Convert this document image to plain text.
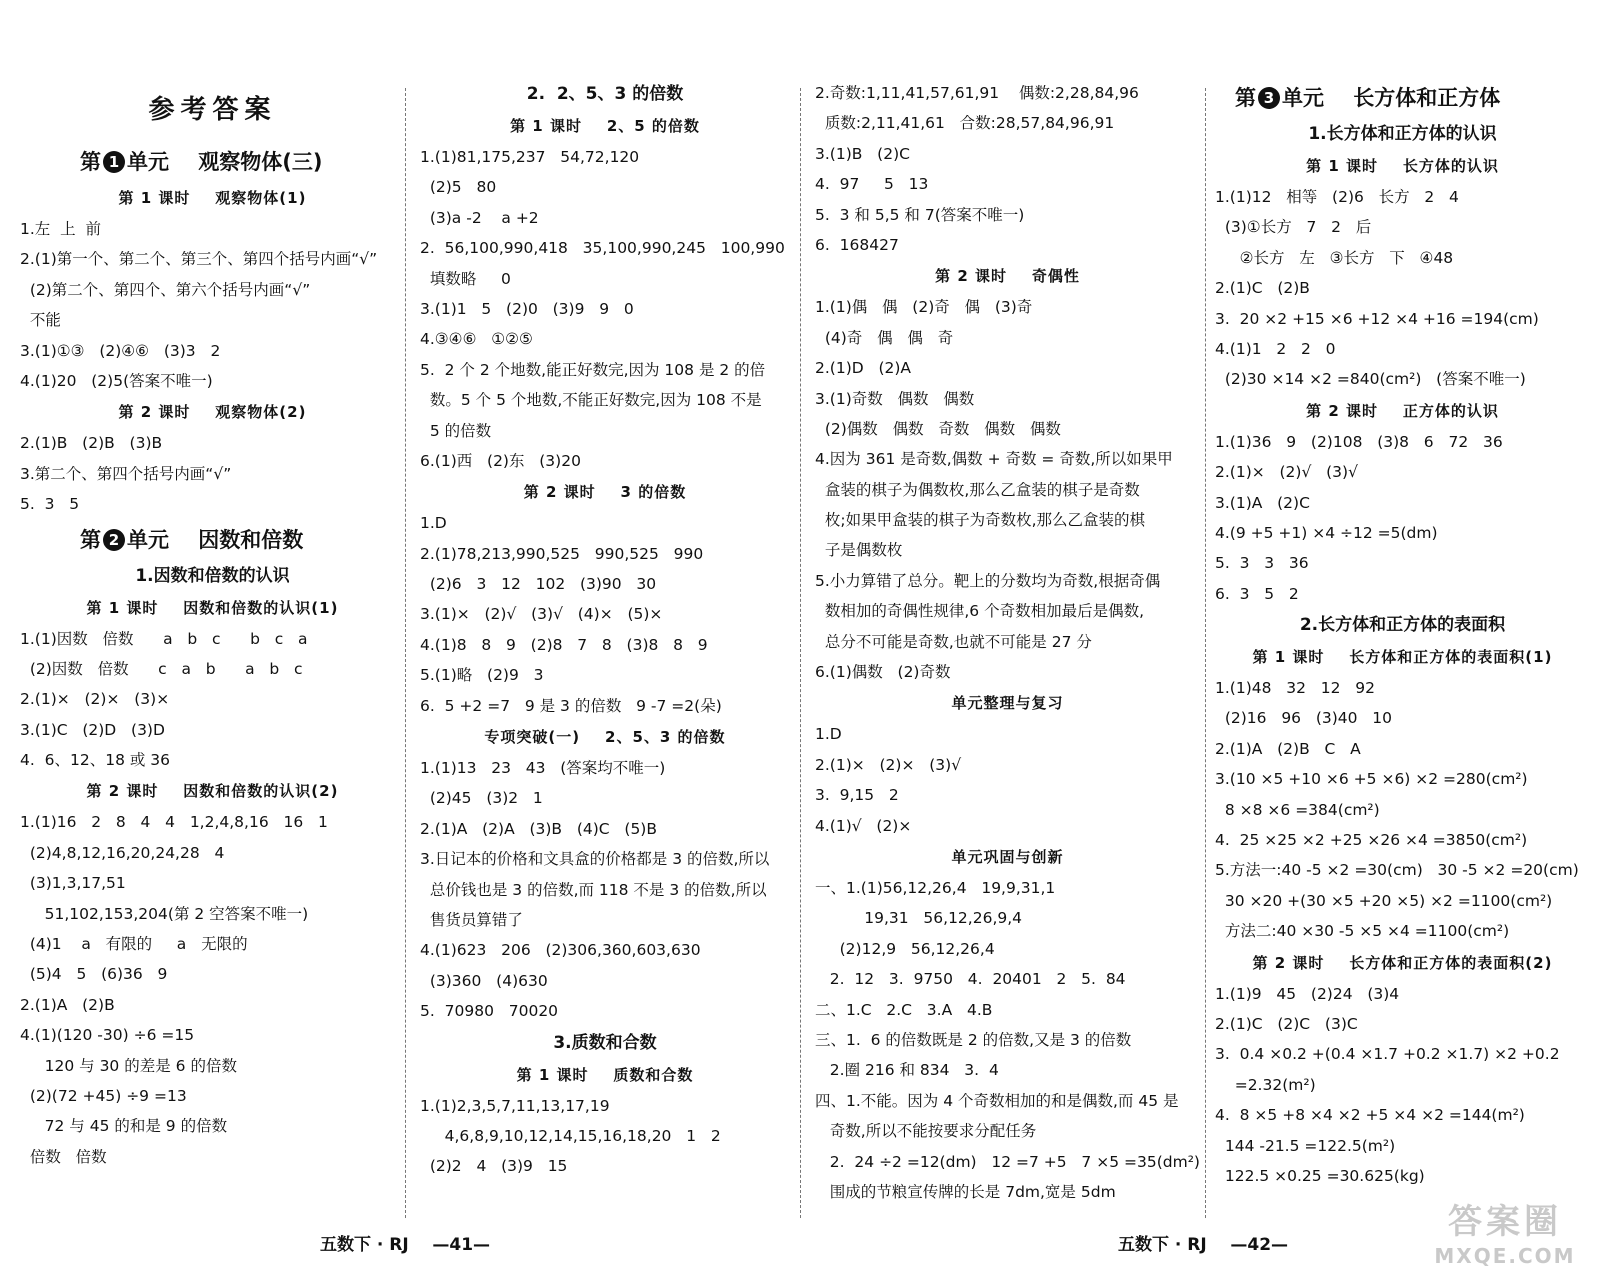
参考答案
第 1 单元    观察物体(三)
第 1 课时    观察物体(1)
1.左  上  前
2.(1)第一个、第二个、第三个、第四个括号内画“√”
(2)第二个、第四个、第六个括号内画“√”
不能
3.(1)①③   (2)④⑥   (3)3   2
4.(1)20   (2)5(答案不唯一)
第 2 课时    观察物体(2)
2.(1)B   (2)B   (3)B
3.第二个、第四个括号内画“√”
5.  3   5
第 2 单元    因数和倍数
1.因数和倍数的认识
第 1 课时    因数和倍数的认识(1)
1.(1)因数   倍数      a   b   c      b   c   a
(2)因数   倍数      c   a   b      a   b   c
2.(1)×   (2)×   (3)×
3.(1)C   (2)D   (3)D
4.  6、12、18 或 36
第 2 课时    因数和倍数的认识(2)
1.(1)16   2   8   4   4   1,2,4,8,16   16   1
(2)4,8,12,16,20,24,28   4
(3)1,3,17,51
51,102,153,204(第 2 空答案不唯一)
(4)1    a   有限的     a   无限的
(5)4   5   (6)36   9
2.(1)A   (2)B
4.(1)(120 -30) ÷6 =15
120 与 30 的差是 6 的倍数
(2)(72 +45) ÷9 =13
72 与 45 的和是 9 的倍数
倍数   倍数
2.  2、5、3 的倍数
第 1 课时    2、5 的倍数
1.(1)81,175,237   54,72,120
(2)5   80
(3)a -2    a +2
2.  56,100,990,418   35,100,990,245   100,990
填数略     0
3.(1)1   5   (2)0   (3)9   9   0
4.③④⑥   ①②⑤
5.  2 个 2 个地数,能正好数完,因为 108 是 2 的倍
数。5 个 5 个地数,不能正好数完,因为 108 不是
5 的倍数
6.(1)西   (2)东   (3)20
第 2 课时    3 的倍数
1.D
2.(1)78,213,990,525   990,525   990
(2)6   3   12   102   (3)90   30
3.(1)×   (2)√   (3)√   (4)×   (5)×
4.(1)8   8   9   (2)8   7   8   (3)8   8   9
5.(1)略   (2)9   3
6.  5 +2 =7   9 是 3 的倍数   9 -7 =2(朵)
专项突破(一)    2、5、3 的倍数
1.(1)13   23   43   (答案均不唯一)
(2)45   (3)2   1
2.(1)A   (2)A   (3)B   (4)C   (5)B
3.日记本的价格和文具盒的价格都是 3 的倍数,所以
总价钱也是 3 的倍数,而 118 不是 3 的倍数,所以
售货员算错了
4.(1)623   206   (2)306,360,603,630
(3)360   (4)630
5.  70980   70020
3.质数和合数
第 1 课时    质数和合数
1.(1)2,3,5,7,11,13,17,19
4,6,8,9,10,12,14,15,16,18,20   1   2
(2)2   4   (3)9   15
2.奇数:1,11,41,57,61,91    偶数:2,28,84,96
质数:2,11,41,61   合数:28,57,84,96,91
3.(1)B   (2)C
4.  97     5   13
5.  3 和 5,5 和 7(答案不唯一)
6.  168427
第 2 课时    奇偶性
1.(1)偶   偶   (2)奇   偶   (3)奇
(4)奇   偶   偶   奇
2.(1)D   (2)A
3.(1)奇数   偶数   偶数
(2)偶数   偶数   奇数   偶数   偶数
4.因为 361 是奇数,偶数 + 奇数 = 奇数,所以如果甲
盒装的棋子为偶数枚,那么乙盒装的棋子是奇数
枚;如果甲盒装的棋子为奇数枚,那么乙盒装的棋
子是偶数枚
5.小力算错了总分。靶上的分数均为奇数,根据奇偶
数相加的奇偶性规律,6 个奇数相加最后是偶数,
总分不可能是奇数,也就不可能是 27 分
6.(1)偶数   (2)奇数
单元整理与复习
1.D
2.(1)×   (2)×   (3)√
3.  9,15   2
4.(1)√   (2)×
单元巩固与创新
一、1.(1)56,12,26,4   19,9,31,1
19,31   56,12,26,9,4
(2)12,9   56,12,26,4
2.  12   3.  9750   4.  20401   2   5.  84
二、1.C   2.C   3.A   4.B
三、1.  6 的倍数既是 2 的倍数,又是 3 的倍数
2.圈 216 和 834   3.  4
四、1.不能。因为 4 个奇数相加的和是偶数,而 45 是
奇数,所以不能按要求分配任务
2.  24 ÷2 =12(dm)   12 =7 +5   7 ×5 =35(dm²)
围成的节粮宣传牌的长是 7dm,宽是 5dm
第 3 单元    长方体和正方体
1.长方体和正方体的认识
第 1 课时    长方体的认识
1.(1)12   相等   (2)6   长方   2   4
(3)①长方   7   2   后
②长方   左   ③长方   下   ④48
2.(1)C   (2)B
3.  20 ×2 +15 ×6 +12 ×4 +16 =194(cm)
4.(1)1   2   2   0
(2)30 ×14 ×2 =840(cm²)   (答案不唯一)
第 2 课时    正方体的认识
1.(1)36   9   (2)108   (3)8   6   72   36
2.(1)×   (2)√   (3)√
3.(1)A   (2)C
4.(9 +5 +1) ×4 ÷12 =5(dm)
5.  3   3   36
6.  3   5   2
2.长方体和正方体的表面积
第 1 课时    长方体和正方体的表面积(1)
1.(1)48   32   12   92
(2)16   96   (3)40   10
2.(1)A   (2)B   C   A
3.(10 ×5 +10 ×6 +5 ×6) ×2 =280(cm²)
8 ×8 ×6 =384(cm²)
4.  25 ×25 ×2 +25 ×26 ×4 =3850(cm²)
5.方法一:40 -5 ×2 =30(cm)   30 -5 ×2 =20(cm)
30 ×20 +(30 ×5 +20 ×5) ×2 =1100(cm²)
方法二:40 ×30 -5 ×5 ×4 =1100(cm²)
第 2 课时    长方体和正方体的表面积(2)
1.(1)9   45   (2)24   (3)4
2.(1)C   (2)C   (3)C
3.  0.4 ×0.2 +(0.4 ×1.7 +0.2 ×1.7) ×2 +0.2
=2.32(m²)
4.  8 ×5 +8 ×4 ×2 +5 ×4 ×2 =144(m²)
144 -21.5 =122.5(m²)
122.5 ×0.25 =30.625(kg)
五数下 · RJ    —41—	五数下 · RJ    —42—
答案圈
MXQE.COM
